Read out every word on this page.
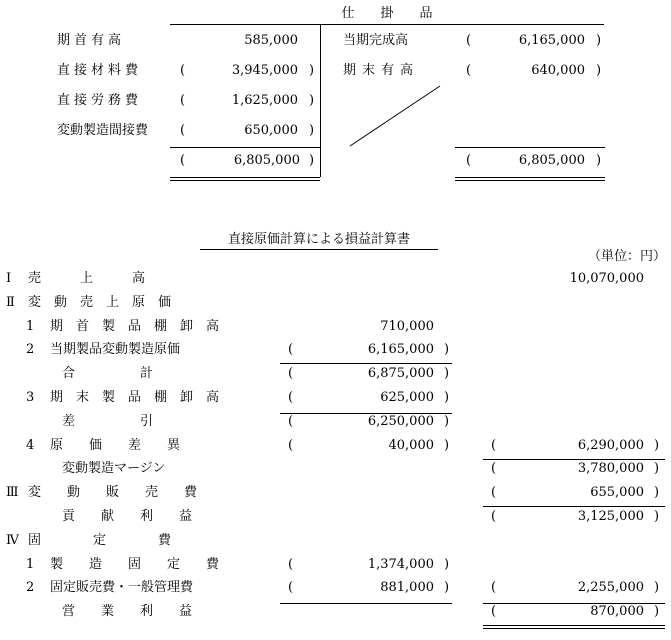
仕　　掛　　品
期首有高	585,000
直接材料費	(	3,945,000 )
直接労務費	(	1,625,000 )
変動製造間接費 (	650,000 )
(	6,805,000 )
当期完成高	(	6,165,000 )
期末有高	(	640,000 )
(	6,805,000 )
直接原価計算による損益計算書
（単位：円）
Ⅰ 売　　　上　　　高	10,070,000
Ⅱ 変　動　売　上　原　価
1 期　首　製　品　棚　卸　高	710,000
2 当期製品変動製造原価	(	6,165,000 )
合　　　　　計	(	6,875,000 )
3 期　末　製　品　棚　卸　高	(	625,000 )
差　　　　　引	(	6,250,000 )
4 原　　価　　差　　異	(	40,000 )	(	6,290,000 )
変動製造マージン	(	3,780,000 )
Ⅲ 変　　動　　販　　売　　費	(	655,000 )
貢　　献　　利　　益	(	3,125,000 )
Ⅳ 固　　　　定　　　　費
1 製　　造　　固　　定　　費	(	1,374,000 )
2 固定販売費・一般管理費	(	881,000 )	(	2,255,000 )
営　　業　　利　　益	(	870,000 )
